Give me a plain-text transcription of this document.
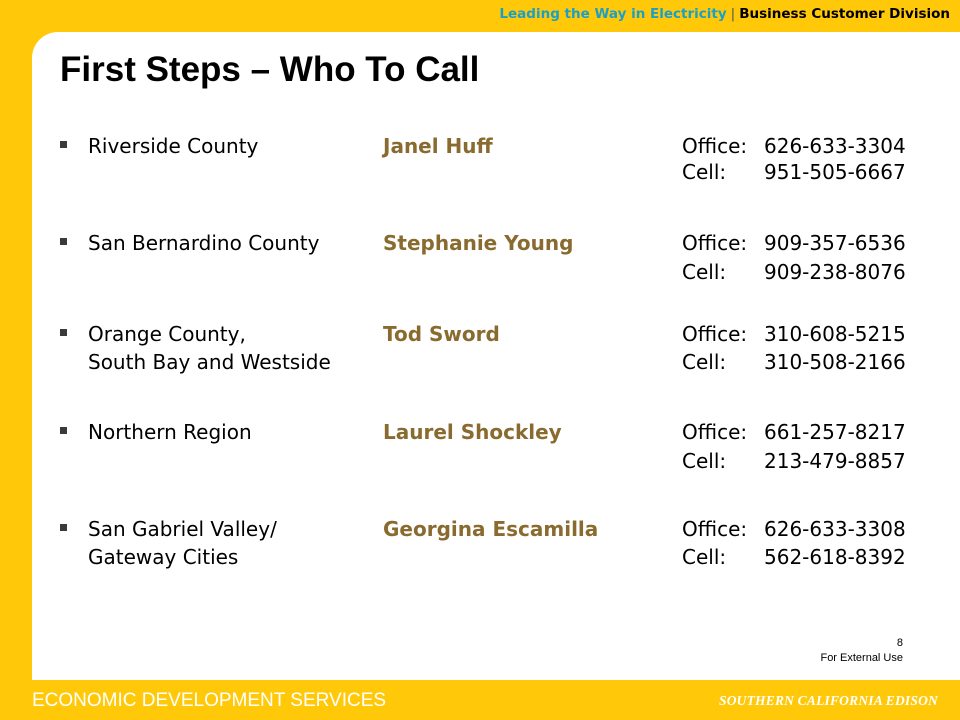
Leading the Way in Electricity | Business Customer Division
First Steps – Who To Call
Riverside County	Janel Huff	Office: 626-633-3304
Cell: 951-505-6667
San Bernardino County	Stephanie Young	Office: 909-357-6536
Cell: 909-238-8076
Orange County,
South Bay and Westside
Tod Sword	Office: 310-608-5215
Cell: 310-508-2166
Northern Region	Laurel Shockley	Office: 661-257-8217
Cell: 213-479-8857
San Gabriel Valley/
Gateway Cities
Georgina Escamilla	Office: 626-633-3308
Cell: 562-618-8392
8
For External Use
ECONOMIC DEVELOPMENT SERVICES	SOUTHERN CALIFORNIA EDISON
